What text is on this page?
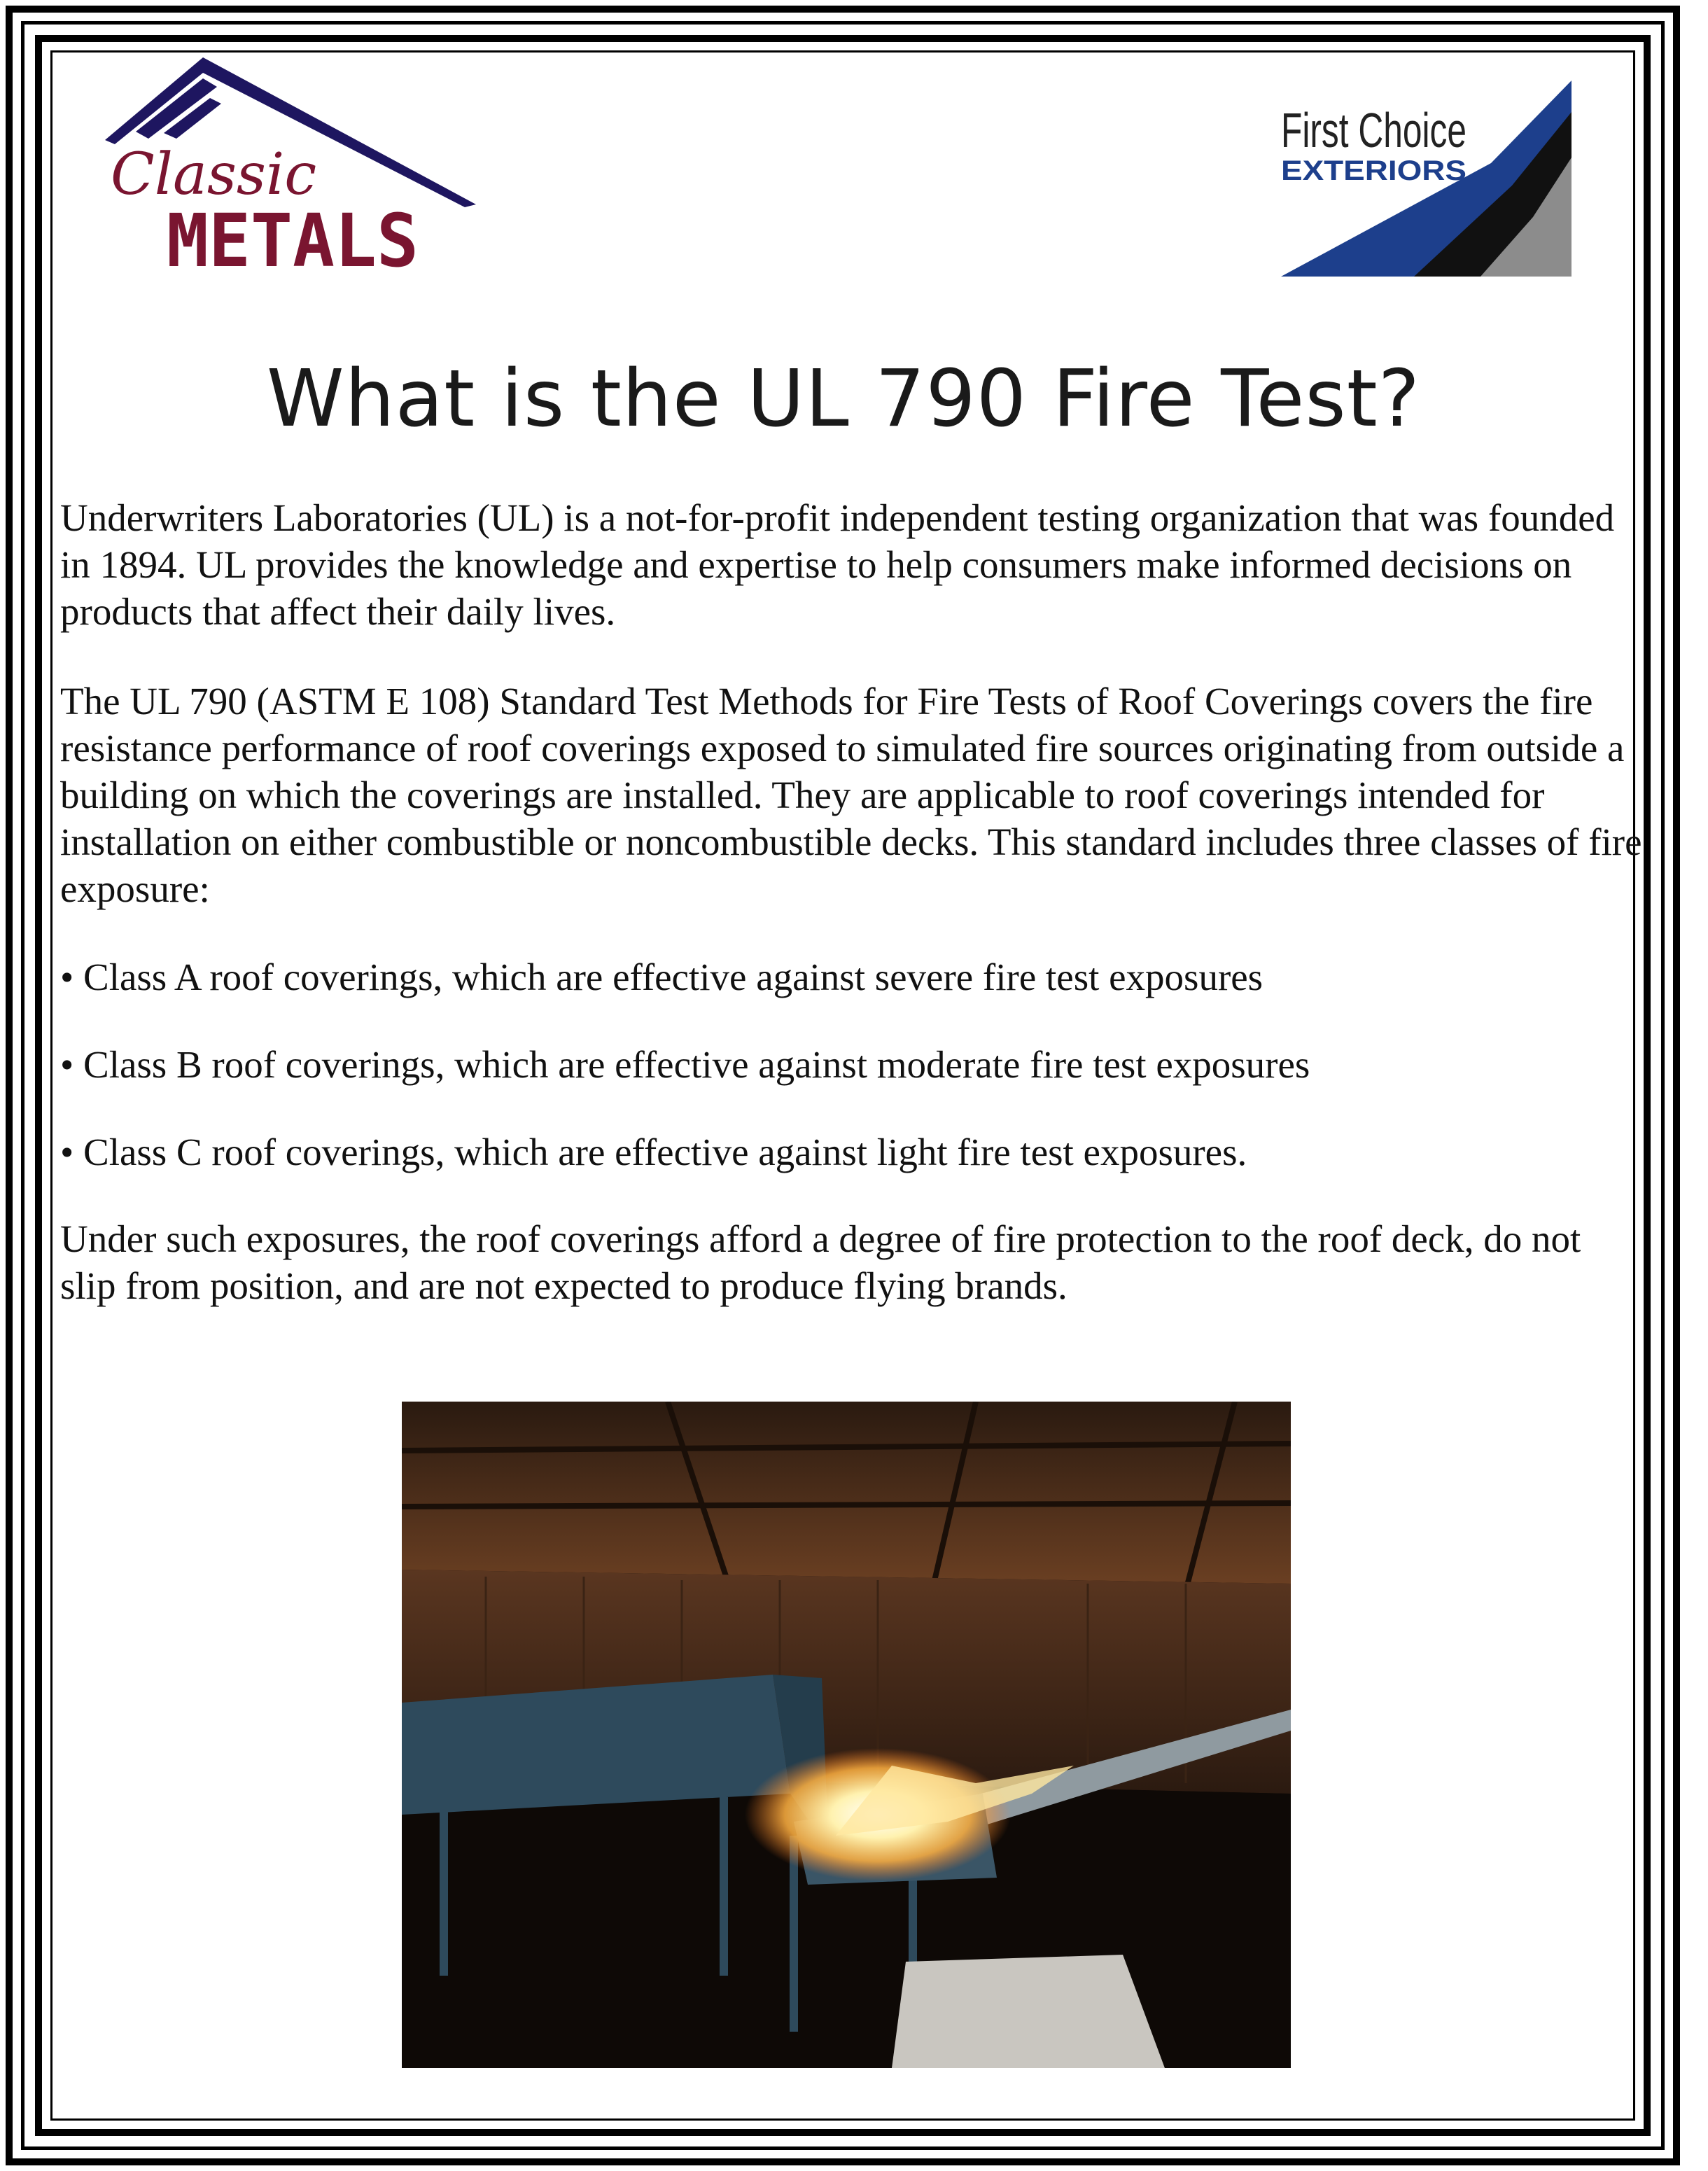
Classic
METALS
First Choice
EXTERIORS
What is the UL 790 Fire Test?
Underwriters Laboratories (UL) is a not-for-profit independent testing organization that was founded in 1894. UL provides the knowledge and expertise to help consumers make informed decisions on products that affect their daily lives.
The UL 790 (ASTM E 108) Standard Test Methods for Fire Tests of Roof Coverings covers the fire resistance performance of roof coverings exposed to simulated fire sources originating from outside a building on which the coverings are installed. They are applicable to roof coverings intended for installation on either combustible or noncombustible decks. This standard includes three classes of fire exposure:
• Class A roof coverings, which are effective against severe fire test exposures
• Class B roof coverings, which are effective against moderate fire test exposures
• Class C roof coverings, which are effective against light fire test exposures.
Under such exposures, the roof coverings afford a degree of fire protection to the roof deck, do not slip from position, and are not expected to produce flying brands.
